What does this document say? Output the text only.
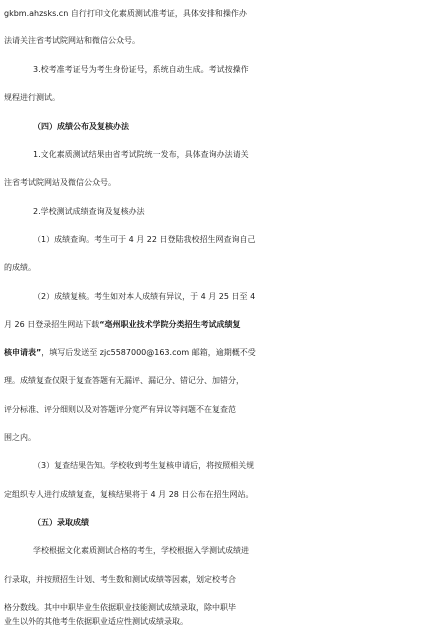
gkbm.ahzsks.cn 自行打印文化素质测试准考证，具体安排和操作办
法请关注省考试院网站和微信公众号。
3.校考准考证号为考生身份证号，系统自动生成。考试按操作
规程进行测试。
（四）成绩公布及复核办法
1.文化素质测试结果由省考试院统一发布，具体查询办法请关
注省考试院网站及微信公众号。
2.学校测试成绩查询及复核办法
（1）成绩查询。考生可于 4 月 22 日登陆我校招生网查询自己
的成绩。
（2）成绩复核。考生如对本人成绩有异议，于 4 月 25 日至 4
月 26 日登录招生网站下载“亳州职业技术学院分类招生考试成绩复
核申请表”，填写后发送至 zjc5587000@163.com 邮箱，逾期概不受
理。成绩复查仅限于复查答题有无漏评、漏记分、错记分、加错分，
评分标准、评分细则以及对答题评分宽严有异议等问题不在复查范
围之内。
（3）复查结果告知。学校收到考生复核申请后，将按照相关规
定组织专人进行成绩复查，复核结果将于 4 月 28 日公布在招生网站。
（五）录取成绩
学校根据文化素质测试合格的考生，学校根据入学测试成绩进
行录取，并按照招生计划、考生数和测试成绩等因素，划定校考合
格分数线。其中中职毕业生依据职业技能测试成绩录取，除中职毕
业生以外的其他考生依据职业适应性测试成绩录取。
